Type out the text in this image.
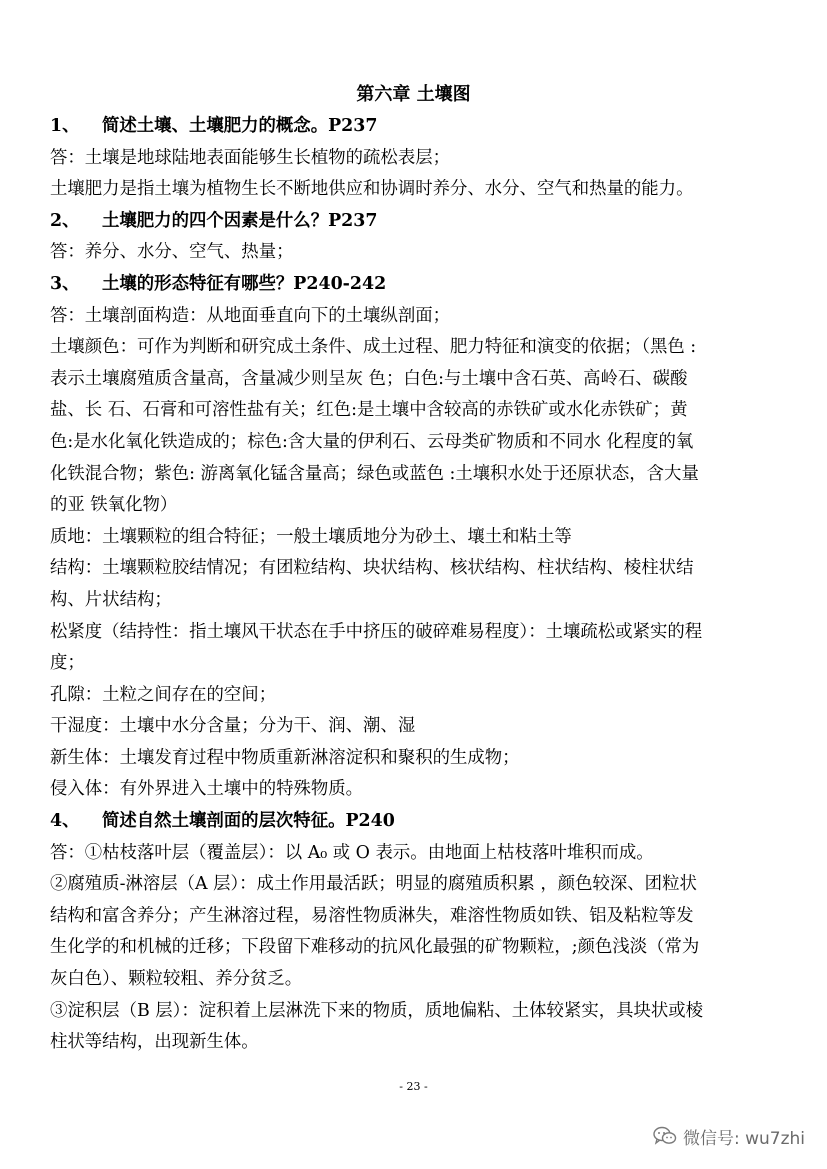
第六章 土壤图
1、 简述土壤、土壤肥力的概念。P237
答：土壤是地球陆地表面能够生长植物的疏松表层；
土壤肥力是指土壤为植物生长不断地供应和协调时养分、水分、空气和热量的能力。
2、 土壤肥力的四个因素是什么？P237
答：养分、水分、空气、热量；
3、 土壤的形态特征有哪些？P240-242
答：土壤剖面构造：从地面垂直向下的土壤纵剖面；
土壤颜色：可作为判断和研究成土条件、成土过程、肥力特征和演变的依据；（黑色 :
表示土壤腐殖质含量高，含量减少则呈灰 色；白色:与土壤中含石英、高岭石、碳酸
盐、长 石、石膏和可溶性盐有关；红色:是土壤中含较高的赤铁矿或水化赤铁矿；黄
色:是水化氧化铁造成的；棕色:含大量的伊利石、云母类矿物质和不同水 化程度的氧
化铁混合物；紫色: 游离氧化锰含量高；绿色或蓝色 :土壤积水处于还原状态，含大量
的亚 铁氧化物）
质地：土壤颗粒的组合特征；一般土壤质地分为砂土、壤土和粘土等
结构：土壤颗粒胶结情况；有团粒结构、块状结构、核状结构、柱状结构、棱柱状结
构、片状结构；
松紧度（结持性：指土壤风干状态在手中挤压的破碎难易程度）：土壤疏松或紧实的程
度；
孔隙：土粒之间存在的空间；
干湿度：土壤中水分含量；分为干、润、潮、湿
新生体：土壤发育过程中物质重新淋溶淀积和聚积的生成物；
侵入体：有外界进入土壤中的特殊物质。
4、 简述自然土壤剖面的层次特征。P240
答：①枯枝落叶层（覆盖层）：以 A₀ 或 O 表示。由地面上枯枝落叶堆积而成。
②腐殖质-淋溶层（A 层）：成土作用最活跃；明显的腐殖质积累 ，颜色较深、团粒状
结构和富含养分；产生淋溶过程，易溶性物质淋失，难溶性物质如铁、铝及粘粒等发
生化学的和机械的迁移；下段留下难移动的抗风化最强的矿物颗粒，;颜色浅淡（常为
灰白色）、颗粒较粗、养分贫乏。
③淀积层（B 层）：淀积着上层淋洗下来的物质，质地偏粘、土体较紧实，具块状或棱
柱状等结构，出现新生体。
- 23 -
微信号: wu7zhi
